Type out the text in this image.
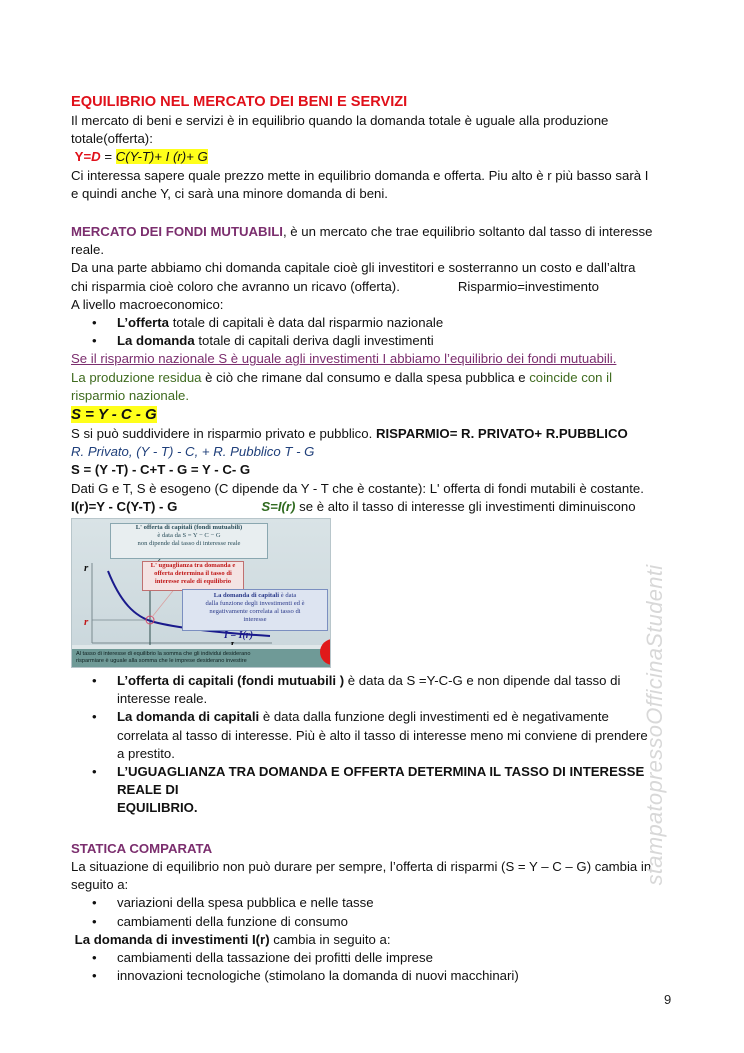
EQUILIBRIO NEL MERCATO DEI BENI E SERVIZI
Il mercato di beni e servizi è in equilibrio quando la domanda totale è uguale alla produzione
totale(offerta):
Y=D = C(Y-T)+ I (r)+ G
Ci interessa sapere quale prezzo mette in equilibrio domanda e offerta. Piu alto è r più basso sarà I
e quindi anche Y, ci sarà una minore domanda di beni.
MERCATO DEI FONDI MUTUABILI, è un mercato che trae equilibrio soltanto dal tasso di interesse
reale.
Da una parte abbiamo chi domanda capitale cioè gli investitori e sosterranno un costo e dall’altra
chi risparmia cioè coloro che avranno un ricavo (offerta).	Risparmio=investimento
A livello macroeconomico:
• L’offerta totale di capitali è data dal risparmio nazionale
• La domanda totale di capitali deriva dagli investimenti
Se il risparmio nazionale S è uguale agli investimenti I abbiamo l’equilibrio dei fondi mutuabili.
La produzione residua è ciò che rimane dal consumo e dalla spesa pubblica e coincide con il
risparmio nazionale.
S = Y - C - G
S si può suddividere in risparmio privato e pubblico. RISPARMIO= R. PRIVATO+ R.PUBBLICO
R. Privato, (Y - T) - C, + R. Pubblico T - G
S = (Y -T) - C+T - G = Y - C- G
Dati G e T, S è esogeno (C dipende da Y - T che è costante): L' offerta di fondi mutabili è costante.
I(r)=Y - C(Y-T) - G	S=I(r) se è alto il tasso di interesse gli investimenti diminuiscono
L' offerta di capitali (fondi mutuabili)
è data da S = Y − C − G
non dipende dal tasso di interesse reale
L' uguaglianza tra domanda e
offerta determina il tasso di
interesse reale di equilibrio
La domanda di capitali è data
dalla funzione degli investimenti ed è
negativamente correlata al tasso di
interesse
r
r
I = I(r)
Al tasso di interesse di equilibrio la somma che gli individui desiderano
risparmiare è uguale alla somma che le imprese desiderano investire
• L’offerta di capitali (fondi mutuabili ) è data da S =Y-C-G e non dipende dal tasso di
interesse reale.
• La domanda di capitali è data dalla funzione degli investimenti ed è negativamente
correlata al tasso di interesse. Più è alto il tasso di interesse meno mi conviene di prendere
a prestito.
• L’UGUAGLIANZA TRA DOMANDA E OFFERTA DETERMINA IL TASSO DI INTERESSE REALE DI
EQUILIBRIO.
STATICA COMPARATA
La situazione di equilibrio non può durare per sempre, l’offerta di risparmi (S = Y – C – G) cambia in
seguito a:
• variazioni della spesa pubblica e nelle tasse
• cambiamenti della funzione di consumo
La domanda di investimenti I(r) cambia in seguito a:
• cambiamenti della tassazione dei profitti delle imprese
• innovazioni tecnologiche (stimolano la domanda di nuovi macchinari)
stampatopressoOfficinaStudenti
9
